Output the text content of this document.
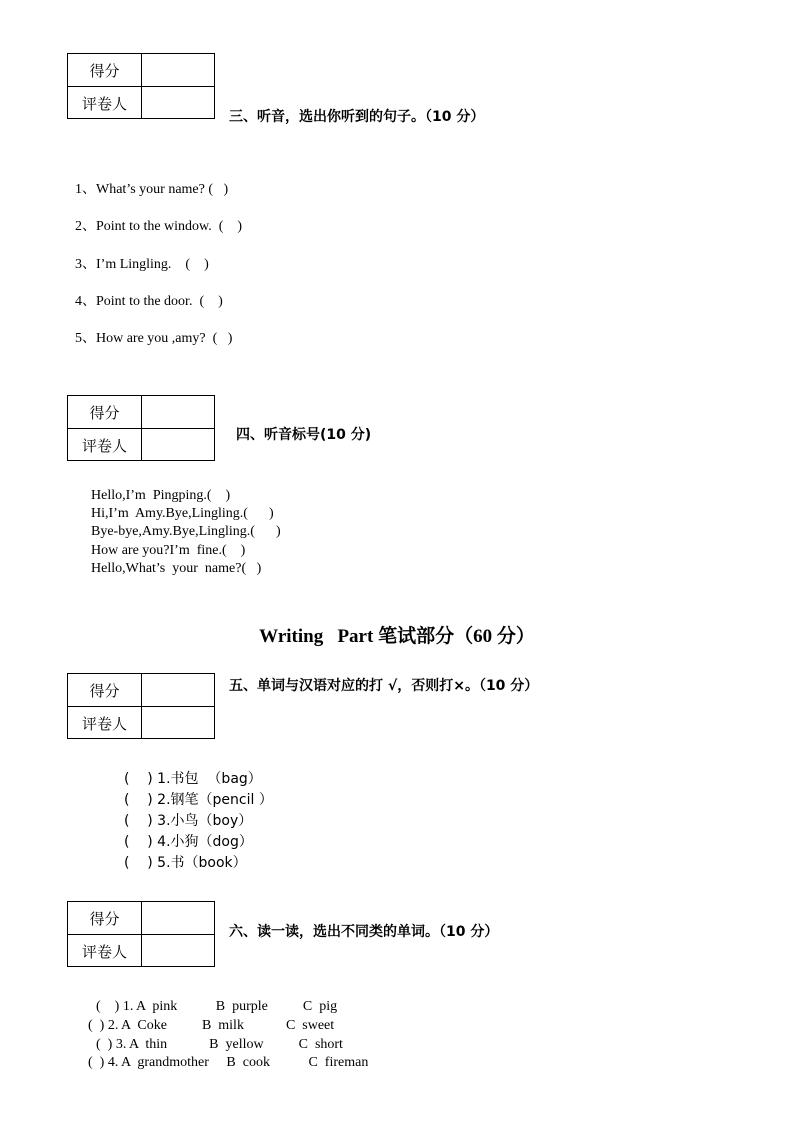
得分
评卷人
三、听音，选出你听到的句子。（10 分）
1、What’s your name? (   )
2、Point to the window.  (    )
3、I’m Lingling.    (    )
4、Point to the door.  (    )
5、How are you ,amy?  (   )
得分
评卷人
四、听音标号(10 分)
Hello,I’m  Pingping.(    )
Hi,I’m  Amy.Bye,Lingling.(      )
Bye-bye,Amy.Bye,Lingling.(      )
How are you?I’m  fine.(    )
Hello,What’s  your  name?(   )
Writing   Part 笔试部分（60 分）
得分
评卷人
五、单词与汉语对应的打 √，否则打×。（10 分）
(    ) 1.书包  （bag）
(    ) 2.钢笔（pencil ）
(    ) 3.小鸟（boy）
(    ) 4.小狗（dog）
(    ) 5.书（book）
得分
评卷人
六、读一读，选出不同类的单词。（10 分）
(    ) 1. A  pink           B  purple          C  pig
(  ) 2. A  Coke          B  milk            C  sweet
(  ) 3. A  thin            B  yellow          C  short
(  ) 4. A  grandmother     B  cook           C  fireman
